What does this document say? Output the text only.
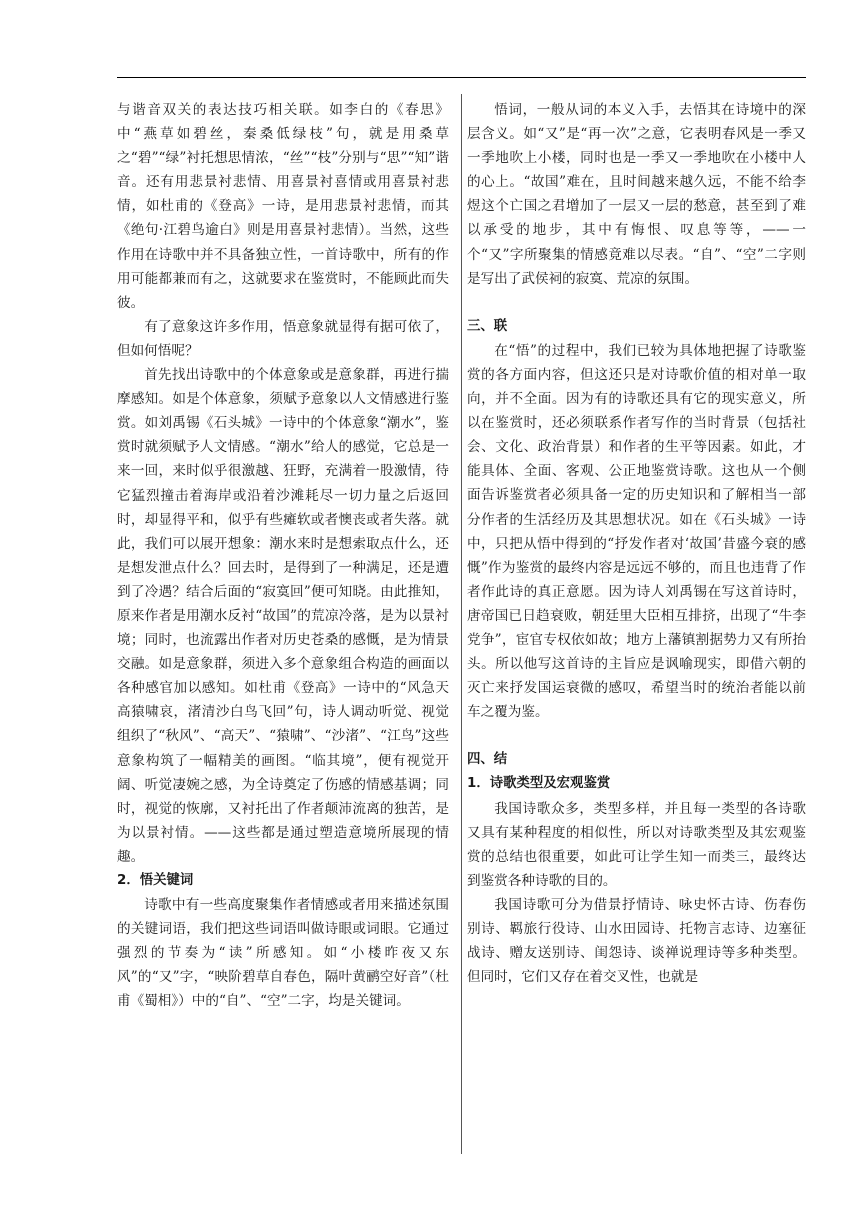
与谐音双关的表达技巧相关联。如李白的《春思》中“燕草如碧丝，秦桑低绿枝”句，就是用桑草之“碧”“绿”衬托想思情浓，“丝”“枝”分别与“思”“知”谐音。还有用悲景衬悲情、用喜景衬喜情或用喜景衬悲情，如杜甫的《登高》一诗，是用悲景衬悲情，而其《绝句·江碧鸟逾白》则是用喜景衬悲情）。当然，这些作用在诗歌中并不具备独立性，一首诗歌中，所有的作用可能都兼而有之，这就要求在鉴赏时，不能顾此而失彼。

有了意象这许多作用，悟意象就显得有据可依了，但如何悟呢？

首先找出诗歌中的个体意象或是意象群，再进行揣摩感知。如是个体意象，须赋予意象以人文情感进行鉴赏。如刘禹锡《石头城》一诗中的个体意象“潮水”，鉴赏时就须赋予人文情感。“潮水”给人的感觉，它总是一来一回，来时似乎很激越、狂野，充满着一股激情，待它猛烈撞击着海岸或沿着沙滩耗尽一切力量之后返回时，却显得平和，似乎有些瘫软或者懊丧或者失落。就此，我们可以展开想象：潮水来时是想索取点什么，还是想发泄点什么？回去时，是得到了一种满足，还是遭到了冷遇？结合后面的“寂寞回”便可知晓。由此推知，原来作者是用潮水反衬“故国”的荒凉冷落，是为以景衬境；同时，也流露出作者对历史苍桑的感慨，是为情景交融。如是意象群，须进入多个意象组合构造的画面以各种感官加以感知。如杜甫《登高》一诗中的“风急天高猿啸哀，渚清沙白鸟飞回”句，诗人调动听觉、视觉组织了“秋风”、“高天”、“猿啸”、“沙渚”、“江鸟”这些意象构筑了一幅精美的画图。“临其境”，便有视觉开阔、听觉凄婉之感，为全诗奠定了伤感的情感基调；同时，视觉的恢廓，又衬托出了作者颠沛流离的独苦，是为以景衬情。——这些都是通过塑造意境所展现的情趣。

2．悟关键词

诗歌中有一些高度聚集作者情感或者用来描述氛围的关键词语，我们把这些词语叫做诗眼或词眼。它通过强烈的节奏为“读”所感知。如“小楼昨夜又东风”的“又”字，“映阶碧草自春色，隔叶黄鹂空好音”（杜甫《蜀相》）中的“自”、“空”二字，均是关键词。

悟词，一般从词的本义入手，去悟其在诗境中的深层含义。如“又”是“再一次”之意，它表明春风是一季又一季地吹上小楼，同时也是一季又一季地吹在小楼中人的心上。“故国”难在，且时间越来越久远，不能不给李煜这个亡国之君增加了一层又一层的愁意，甚至到了难以承受的地步，其中有悔恨、叹息等等，——一个“又”字所聚集的情感竟难以尽表。“自”、“空”二字则是写出了武侯祠的寂寞、荒凉的氛围。

三、联

在“悟”的过程中，我们已较为具体地把握了诗歌鉴赏的各方面内容，但这还只是对诗歌价值的相对单一取向，并不全面。因为有的诗歌还具有它的现实意义，所以在鉴赏时，还必须联系作者写作的当时背景（包括社会、文化、政治背景）和作者的生平等因素。如此，才能具体、全面、客观、公正地鉴赏诗歌。这也从一个侧面告诉鉴赏者必须具备一定的历史知识和了解相当一部分作者的生活经历及其思想状况。如在《石头城》一诗中，只把从悟中得到的“抒发作者对‘故国’昔盛今衰的感慨”作为鉴赏的最终内容是远远不够的，而且也违背了作者作此诗的真正意愿。因为诗人刘禹锡在写这首诗时，唐帝国已日趋衰败，朝廷里大臣相互排挤，出现了“牛李党争”，宦官专权依如故；地方上藩镇割据势力又有所抬头。所以他写这首诗的主旨应是讽喻现实，即借六朝的灭亡来抒发国运衰微的感叹，希望当时的统治者能以前车之覆为鉴。

四、结

1．诗歌类型及宏观鉴赏

我国诗歌众多，类型多样，并且每一类型的各诗歌又具有某种程度的相似性，所以对诗歌类型及其宏观鉴赏的总结也很重要，如此可让学生知一而类三，最终达到鉴赏各种诗歌的目的。

我国诗歌可分为借景抒情诗、咏史怀古诗、伤春伤别诗、羁旅行役诗、山水田园诗、托物言志诗、边塞征战诗、赠友送别诗、闺怨诗、谈禅说理诗等多种类型。但同时，它们又存在着交叉性，也就是
